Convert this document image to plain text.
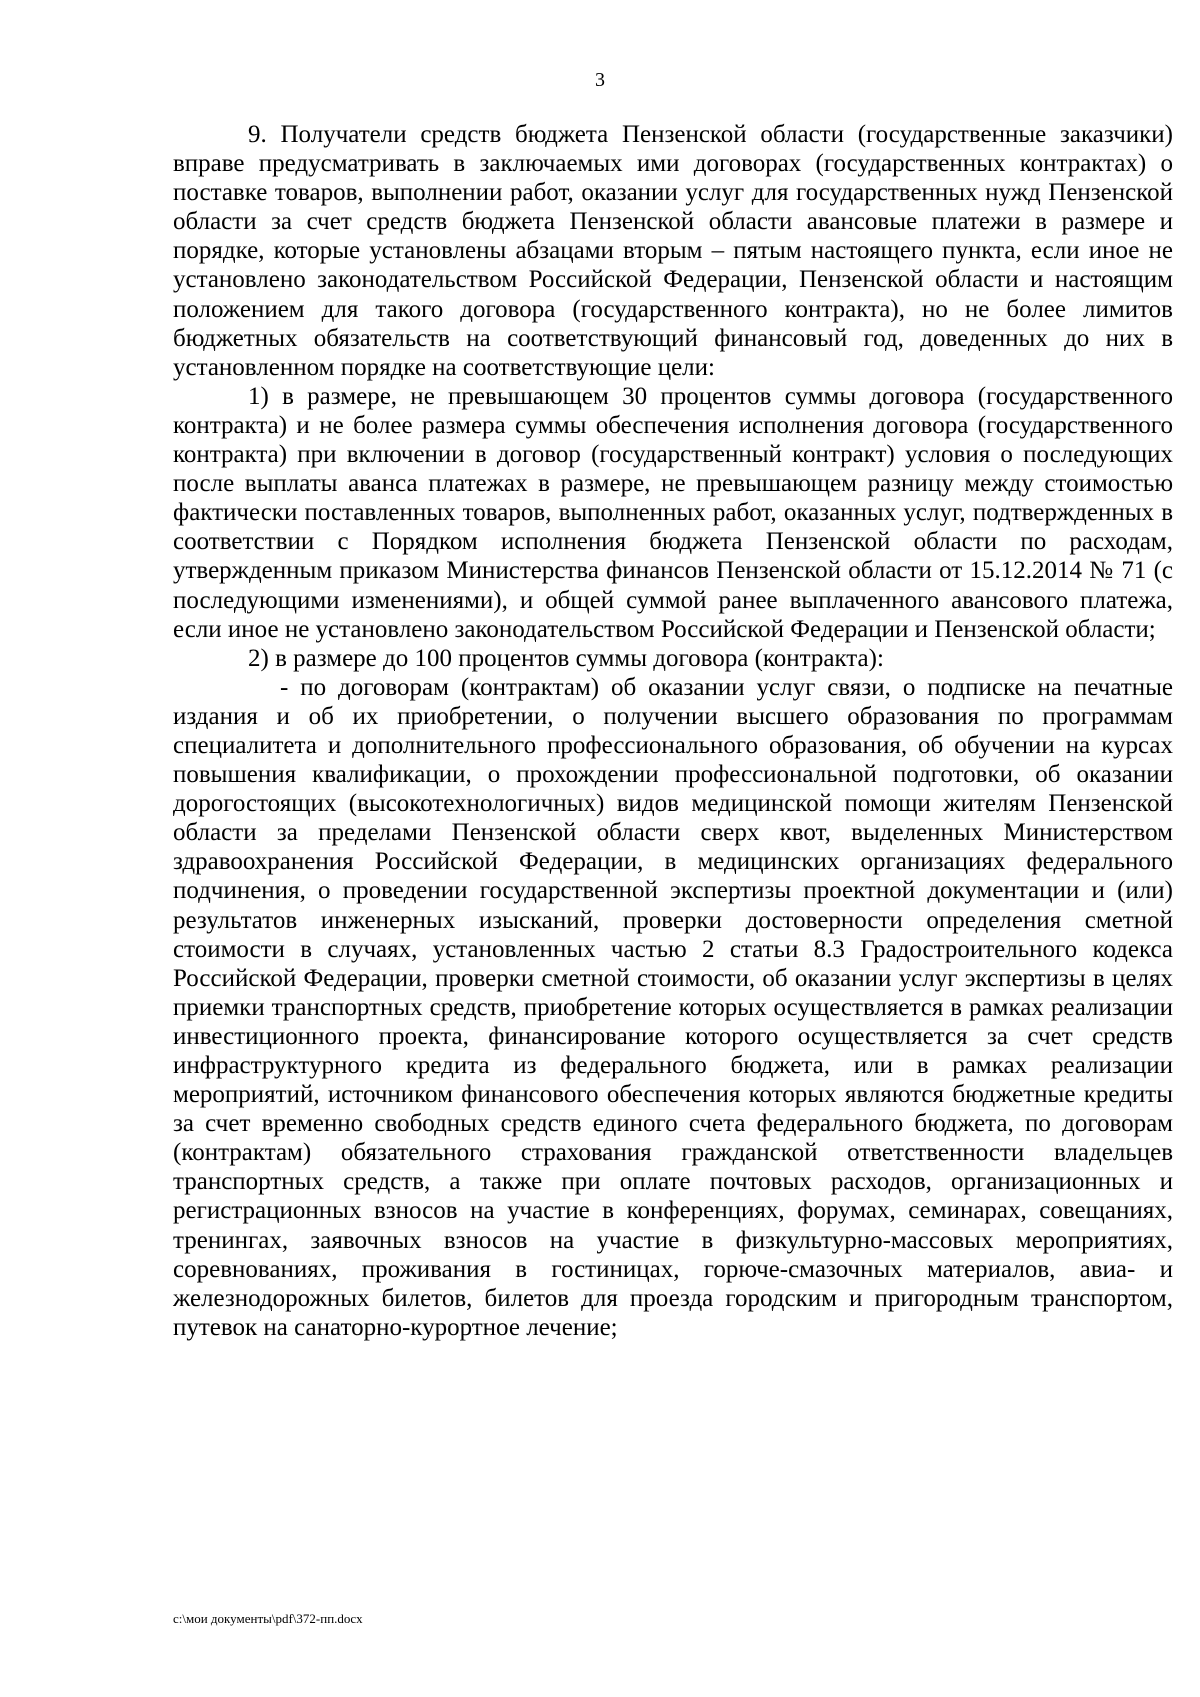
3

9. Получатели средств бюджета Пензенской области (государственные заказчики) вправе предусматривать в заключаемых ими договорах (государственных контрактах) о поставке товаров, выполнении работ, оказании услуг для государственных нужд Пензенской области за счет средств бюджета Пензенской области авансовые платежи в размере и порядке, которые установлены абзацами вторым – пятым настоящего пункта, если иное не установлено законодательством Российской Федерации, Пензенской области и настоящим положением для такого договора (государственного контракта), но не более лимитов бюджетных обязательств на соответствующий финансовый год, доведенных до них в установленном порядке на соответствующие цели:

1) в размере, не превышающем 30 процентов суммы договора (государственного контракта) и не более размера суммы обеспечения исполнения договора (государственного контракта) при включении в договор (государственный контракт) условия о последующих после выплаты аванса платежах в размере, не превышающем разницу между стоимостью фактически поставленных товаров, выполненных работ, оказанных услуг, подтвержденных в соответствии с Порядком исполнения бюджета Пензенской области по расходам, утвержденным приказом Министерства финансов Пензенской области от 15.12.2014 № 71 (с последующими изменениями), и общей суммой ранее выплаченного авансового платежа, если иное не установлено законодательством Российской Федерации и Пензенской области;

2) в размере до 100 процентов суммы договора (контракта):

- по договорам (контрактам) об оказании услуг связи, о подписке на печатные издания и об их приобретении, о получении высшего образования по программам специалитета и дополнительного профессионального образования, об обучении на курсах повышения квалификации, о прохождении профессиональной подготовки, об оказании дорогостоящих (высокотехнологичных) видов медицинской помощи жителям Пензенской области за пределами Пензенской области сверх квот, выделенных Министерством здравоохранения Российской Федерации, в медицинских организациях федерального подчинения, о проведении государственной экспертизы проектной документации и (или) результатов инженерных изысканий, проверки достоверности определения сметной стоимости в случаях, установленных частью 2 статьи 8.3 Градостроительного кодекса Российской Федерации, проверки сметной стоимости, об оказании услуг экспертизы в целях приемки транспортных средств, приобретение которых осуществляется в рамках реализации инвестиционного проекта, финансирование которого осуществляется за счет средств инфраструктурного кредита из федерального бюджета, или в рамках реализации мероприятий, источником финансового обеспечения которых являются бюджетные кредиты за счет временно свободных средств единого счета федерального бюджета, по договорам (контрактам) обязательного страхования гражданской ответственности владельцев транспортных средств, а также при оплате почтовых расходов, организационных и регистрационных взносов на участие в конференциях, форумах, семинарах, совещаниях, тренингах, заявочных взносов на участие в физкультурно-массовых мероприятиях, соревнованиях, проживания в гостиницах, горюче-смазочных материалов, авиа- и железнодорожных билетов, билетов для проезда городским и пригородным транспортом, путевок на санаторно-курортное лечение;

c:\мои документы\pdf\372-пп.docx
